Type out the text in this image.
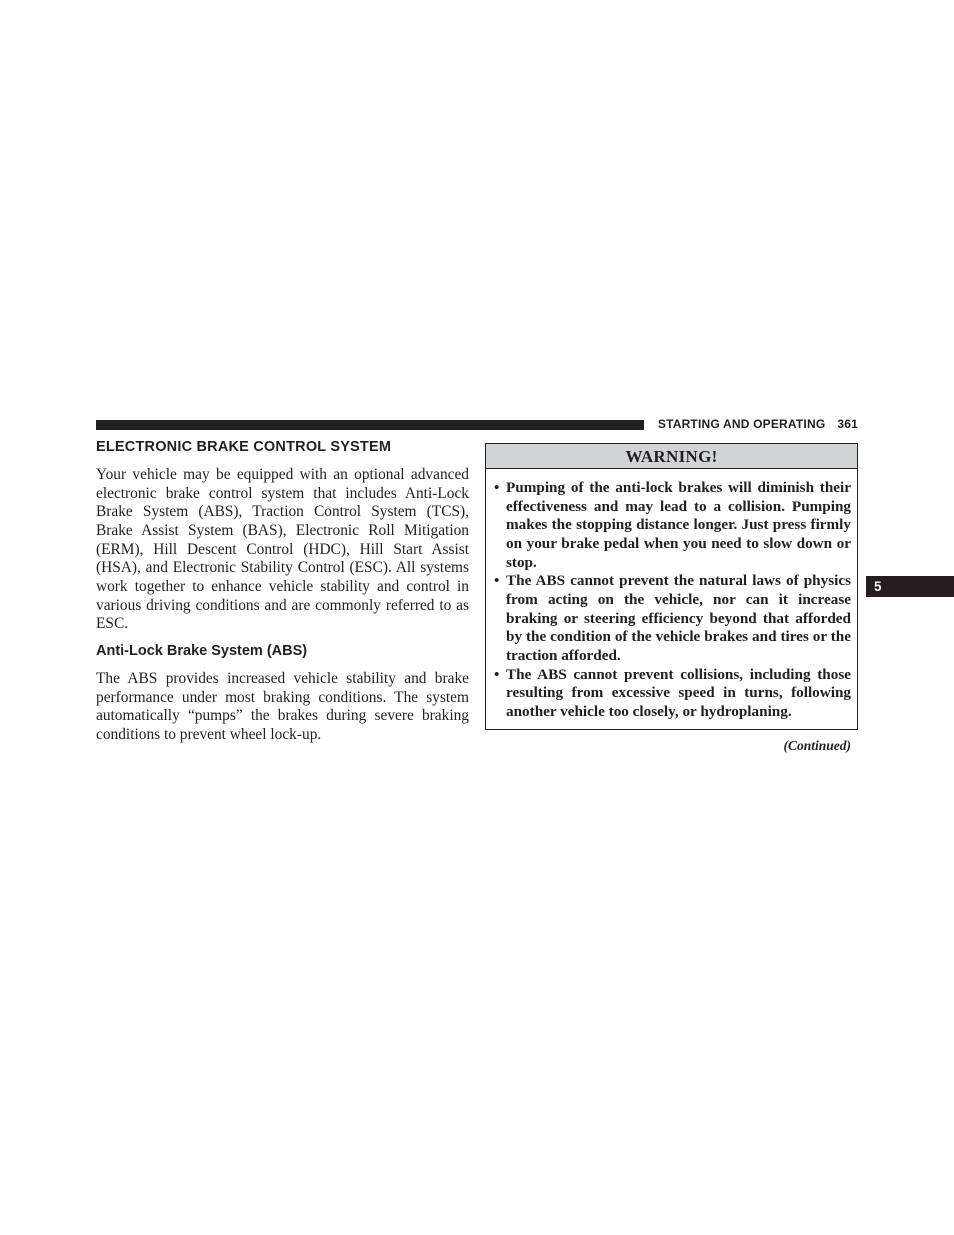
STARTING AND OPERATING 361
ELECTRONIC BRAKE CONTROL SYSTEM

Your vehicle may be equipped with an optional advanced electronic brake control system that includes Anti-Lock Brake System (ABS), Traction Control System (TCS), Brake Assist System (BAS), Electronic Roll Mitigation (ERM), Hill Descent Control (HDC), Hill Start Assist (HSA), and Electronic Stability Control (ESC). All systems work together to enhance vehicle stability and control in various driving conditions and are commonly referred to as ESC.

Anti-Lock Brake System (ABS)

The ABS provides increased vehicle stability and brake performance under most braking conditions. The system automatically “pumps” the brakes during severe braking conditions to prevent wheel lock-up.

WARNING!
• Pumping of the anti-lock brakes will diminish their effectiveness and may lead to a collision. Pumping makes the stopping distance longer. Just press firmly on your brake pedal when you need to slow down or stop.
• The ABS cannot prevent the natural laws of physics from acting on the vehicle, nor can it increase braking or steering efficiency beyond that afforded by the condition of the vehicle brakes and tires or the traction afforded.
• The ABS cannot prevent collisions, including those resulting from excessive speed in turns, following another vehicle too closely, or hydroplaning.
(Continued)
5
